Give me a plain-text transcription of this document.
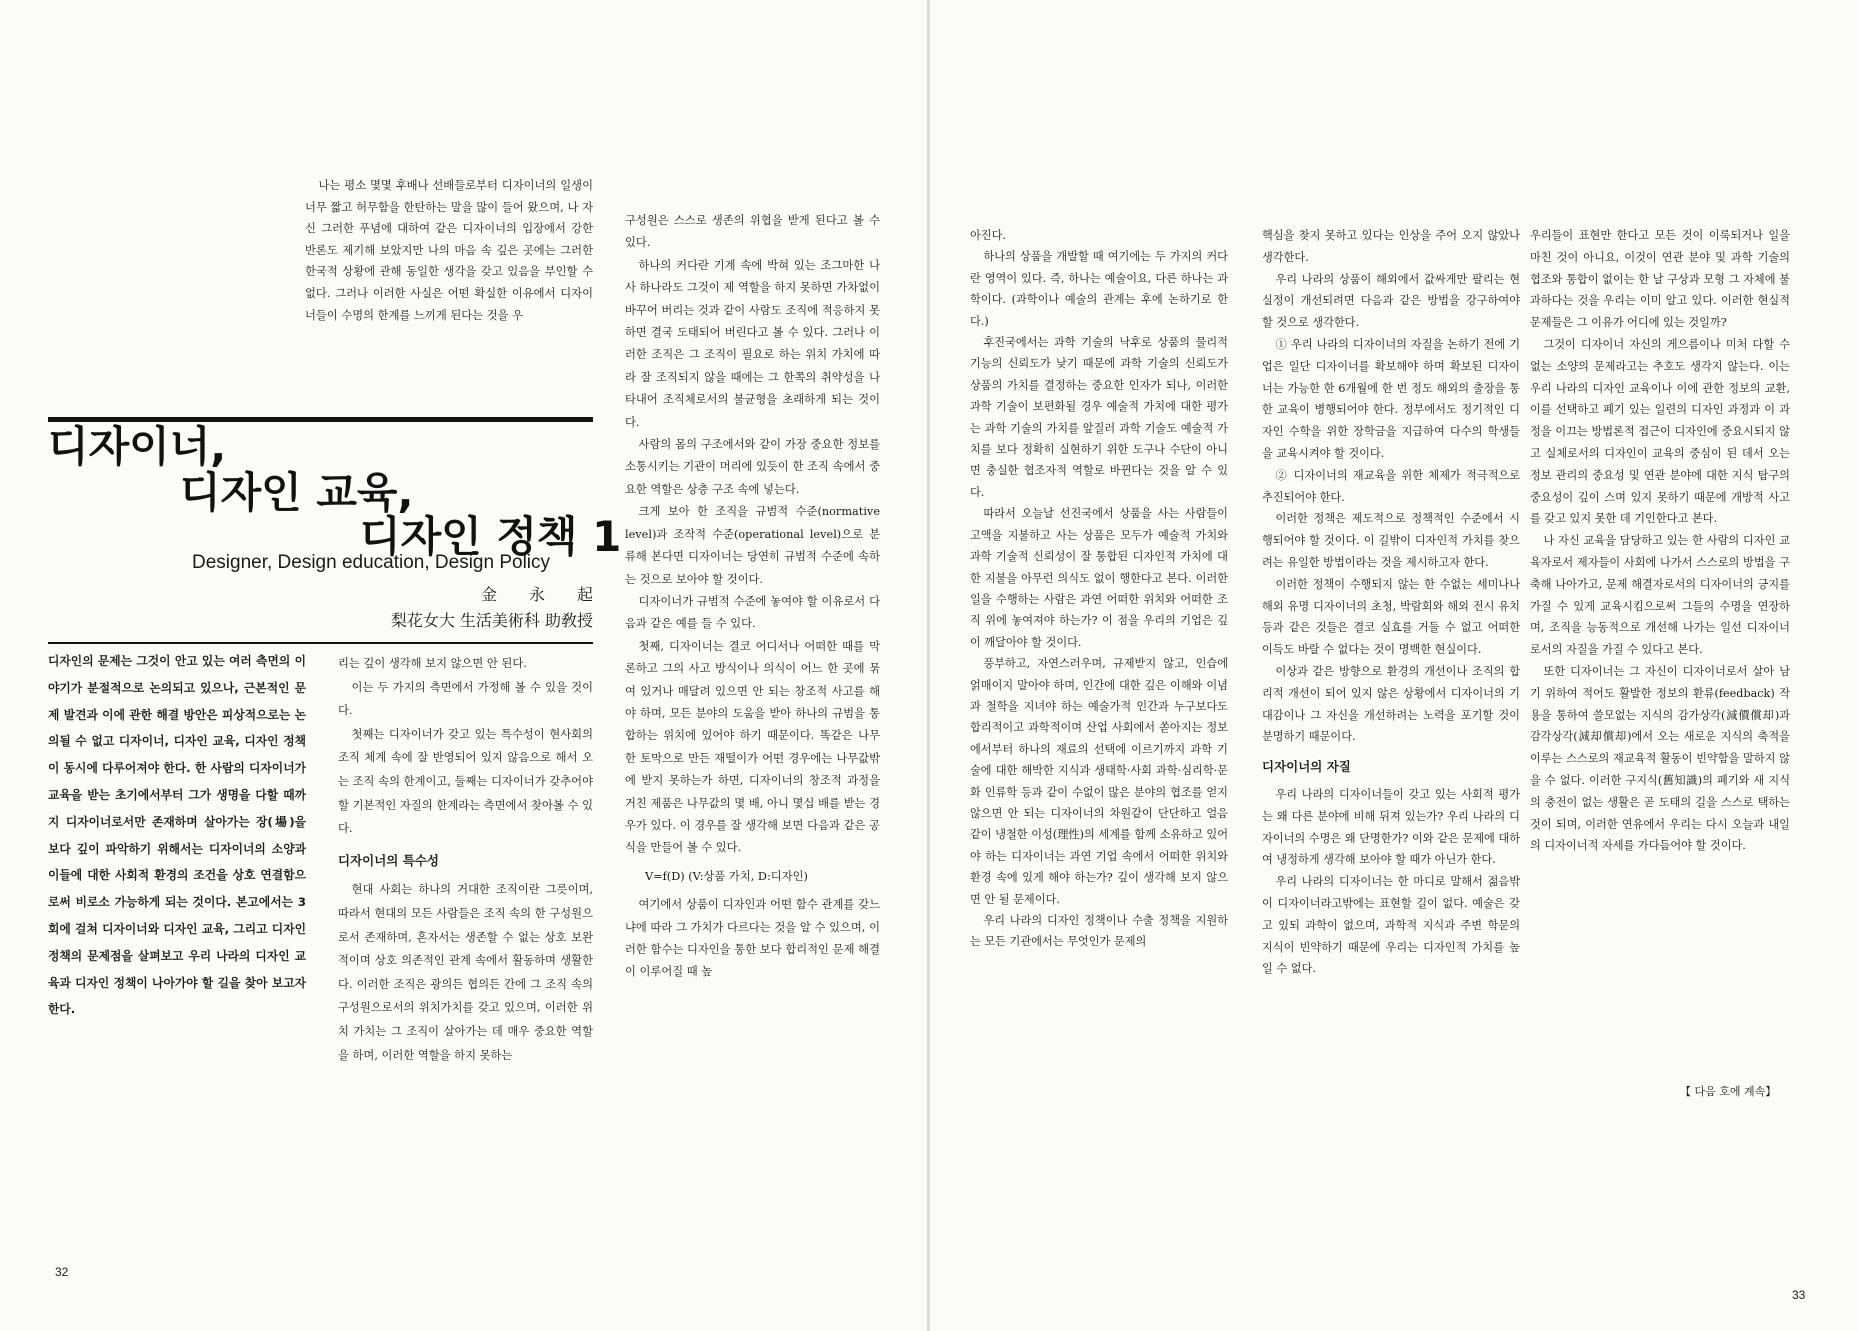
나는 평소 몇몇 후배나 선배들로부터 디자이너의 일생이 너무 짧고 허무함을 한탄하는 말을 많이 들어 왔으며, 나 자신 그러한 푸념에 대하여 같은 디자이너의 입장에서 강한 반론도 제기해 보았지만 나의 마음 속 깊은 곳에는 그러한 한국적 상황에 관해 동일한 생각을 갖고 있음을 부인할 수 없다. 그러나 이러한 사실은 어떤 확실한 이유에서 디자이너들이 수명의 한계를 느끼게 된다는 것을 우

디자이너,
디자인 교육,
디자인 정책 1
Designer, Design education, Design Policy
金　　永　　起
梨花女大 生活美術科 助敎授
디자인의 문제는 그것이 안고 있는 여러 측면의 이야기가 분절적으로 논의되고 있으나, 근본적인 문제 발견과 이에 관한 해결 방안은 피상적으로는 논의될 수 없고 디자이너, 디자인 교육, 디자인 정책이 동시에 다루어져야 한다. 한 사람의 디자이너가 교육을 받는 초기에서부터 그가 생명을 다할 때까지 디자이너로서만 존재하며 살아가는 장(場)을 보다 깊이 파악하기 위해서는 디자이너의 소양과이들에 대한 사회적 환경의 조건을 상호 연결함으로써 비로소 가능하게 되는 것이다. 본고에서는 3회에 걸쳐 디자이너와 디자인 교육, 그리고 디자인 정책의 문제점을 살펴보고 우리 나라의 디자인 교육과 디자인 정책이 나아가야 할 길을 찾아 보고자 한다.

리는 깊이 생각해 보지 않으면 안 된다.

이는 두 가지의 측면에서 가정해 볼 수 있을 것이다.

첫째는 디자이너가 갖고 있는 특수성이 현사회의 조직 체계 속에 잘 반영되어 있지 않음으로 해서 오는 조직 속의 한계이고, 둘째는 디자이너가 갖추어야 할 기본적인 자질의 한계라는 측면에서 찾아볼 수 있다.

디자이너의 특수성

현대 사회는 하나의 거대한 조직이란 그릇이며, 따라서 현대의 모든 사람들은 조직 속의 한 구성원으로서 존재하며, 혼자서는 생존할 수 없는 상호 보완적이며 상호 의존적인 관계 속에서 활동하며 생활한다. 이러한 조직은 광의든 협의든 간에 그 조직 속의 구성원으로서의 위치가치를 갖고 있으며, 이러한 위치 가치는 그 조직이 살아가는 데 매우 중요한 역할을 하며, 이러한 역할을 하지 못하는

구성원은 스스로 생존의 위협을 받게 된다고 볼 수 있다.

하나의 커다란 기계 속에 박혀 있는 조그마한 나사 하나라도 그것이 제 역할을 하지 못하면 가차없이 바꾸어 버리는 것과 같이 사람도 조직에 적응하지 못하면 결국 도태되어 버린다고 볼 수 있다. 그러나 이러한 조직은 그 조직이 필요로 하는 위치 가치에 따라 잘 조직되지 않을 때에는 그 한쪽의 취약성을 나타내어 조직체로서의 불균형을 초래하게 되는 것이다.

사람의 몸의 구조에서와 같이 가장 중요한 정보를 소통시키는 기관이 머리에 있듯이 한 조직 속에서 중요한 역할은 상층 구조 속에 넣는다.

크게 보아 한 조직을 규범적 수준(normative level)과 조작적 수준(operational level)으로 분류해 본다면 디자이너는 당연히 규범적 수준에 속하는 것으로 보아야 할 것이다.

디자이너가 규범적 수준에 놓여야 할 이유로서 다음과 같은 예를 들 수 있다.

첫째, 디자이너는 결코 어디서나 어떠한 때를 막론하고 그의 사고 방식이나 의식이 어느 한 곳에 묶여 있거나 매달려 있으면 안 되는 창조적 사고를 해야 하며, 모든 분야의 도움을 받아 하나의 규범을 통합하는 위치에 있어야 하기 때문이다. 똑같은 나무 한 토막으로 만든 재떨이가 어떤 경우에는 나무값밖에 받지 못하는가 하면, 디자이너의 창조적 과정을 거친 제품은 나무값의 몇 배, 아니 몇십 배를 받는 경우가 있다. 이 경우를 잘 생각해 보면 다음과 같은 공식을 만들어 볼 수 있다.

V=f(D) (V:상품 가치, D:디자인)

여기에서 상품이 디자인과 어떤 함수 관계를 갖느냐에 따라 그 가치가 다르다는 것을 알 수 있으며, 이러한 함수는 디자인을 통한 보다 합리적인 문제 해결이 이루어질 때 높

32

아진다.

하나의 상품을 개발할 때 여기에는 두 가지의 커다란 영역이 있다. 즉, 하나는 예술이요, 다른 하나는 과학이다. (과학이나 예술의 관계는 후에 논하기로 한다.)

후진국에서는 과학 기술의 낙후로 상품의 물리적 기능의 신뢰도가 낮기 때문에 과학 기술의 신뢰도가 상품의 가치를 결정하는 중요한 인자가 되나, 이러한 과학 기술이 보편화될 경우 예술적 가치에 대한 평가는 과학 기술의 가치를 앞질러 과학 기술도 예술적 가치를 보다 정확히 실현하기 위한 도구나 수단이 아니면 충실한 협조자적 역할로 바뀐다는 것을 알 수 있다.

따라서 오늘날 선진국에서 상품을 사는 사람들이 고액을 지불하고 사는 상품은 모두가 예술적 가치와 과학 기술적 신뢰성이 잘 통합된 디자인적 가치에 대한 지불을 아무런 의식도 없이 행한다고 본다. 이러한 일을 수행하는 사람은 과연 어떠한 위치와 어떠한 조직 위에 놓여져야 하는가? 이 점을 우리의 기업은 깊이 깨달아야 할 것이다.

풍부하고, 자연스러우며, 규제받지 않고, 인습에 얽매이지 말아야 하며, 인간에 대한 깊은 이해와 이념과 철학을 지녀야 하는 예술가적 인간과 누구보다도 합리적이고 과학적이며 산업 사회에서 쏟아지는 정보에서부터 하나의 재료의 선택에 이르기까지 과학 기술에 대한 해박한 지식과 생태학·사회 과학·심리학·문화 인류학 등과 같이 수없이 많은 분야의 협조를 얻지 않으면 안 되는 디자이너의 차원같이 단단하고 얼음같이 냉철한 이성(理性)의 세계를 함께 소유하고 있어야 하는 디자이너는 과연 기업 속에서 어떠한 위치와 환경 속에 있게 해야 하는가? 깊이 생각해 보지 않으면 안 될 문제이다.

우리 나라의 디자인 정책이나 수출 정책을 지원하는 모든 기관에서는 무엇인가 문제의

핵심을 찾지 못하고 있다는 인상을 주어 오지 않았나 생각한다.

우리 나라의 상품이 해외에서 값싸게만 팔리는 현실정이 개선되려면 다음과 같은 방법을 강구하여야 할 것으로 생각한다.

① 우리 나라의 디자이너의 자질을 논하기 전에 기업은 일단 디자이너를 확보해야 하며 확보된 디자이너는 가능한 한 6개월에 한 번 정도 해외의 출장을 통한 교육이 병행되어야 한다. 정부에서도 정기적인 디자인 수학을 위한 장학금을 지급하여 다수의 학생들을 교육시켜야 할 것이다.

② 디자이너의 재교육을 위한 체제가 적극적으로 추진되어야 한다.

이러한 정책은 제도적으로 정책적인 수준에서 시행되어야 할 것이다. 이 길밖이 디자인적 가치를 찾으려는 유일한 방법이라는 것을 제시하고자 한다.

이러한 정책이 수행되지 않는 한 수없는 세미나나 해외 유명 디자이너의 초청, 박람회와 해외 전시 유치 등과 같은 것들은 결코 실효를 거둘 수 없고 어떠한 이득도 바랄 수 없다는 것이 명백한 현실이다.

이상과 같은 방향으로 환경의 개선이나 조직의 합리적 개선이 되어 있지 않은 상황에서 디자이너의 기대감이나 그 자신을 개선하려는 노력을 포기할 것이 분명하기 때문이다.

디자이너의 자질

우리 나라의 디자이너들이 갖고 있는 사회적 평가는 왜 다른 분야에 비해 뒤져 있는가? 우리 나라의 디자이너의 수명은 왜 단명한가? 이와 같은 문제에 대하여 냉정하게 생각해 보아야 할 때가 아닌가 한다.

우리 나라의 디자이너는 한 마디로 말해서 젊음밖이 디자이너라고밖에는 표현할 길이 없다. 예술은 갖고 있되 과학이 없으며, 과학적 지식과 주변 학문의 지식이 빈약하기 때문에 우리는 디자인적 가치를 높일 수 없다.

우리들이 표현만 한다고 모든 것이 이룩되거나 일을 마친 것이 아니요, 이것이 연관 분야 및 과학 기술의 협조와 통합이 없이는 한 날 구상과 모형 그 자체에 불과하다는 것을 우리는 이미 알고 있다. 이러한 현실적 문제들은 그 이유가 어디에 있는 것일까?

그것이 디자이너 자신의 게으름이나 미처 다할 수 없는 소양의 문제라고는 추호도 생각지 않는다. 이는 우리 나라의 디자인 교육이나 이에 관한 정보의 교환, 이를 선택하고 폐기 있는 일련의 디자인 과정과 이 과정을 이끄는 방법론적 접근이 디자인에 중요시되지 않고 실체로서의 디자인이 교육의 중심이 된 데서 오는 정보 관리의 중요성 및 연관 분야에 대한 지식 탐구의 중요성이 깊이 스며 있지 못하기 때문에 개방적 사고를 갖고 있지 못한 데 기인한다고 본다.

나 자신 교육을 담당하고 있는 한 사람의 디자인 교육자로서 제자들이 사회에 나가서 스스로의 방법을 구축해 나아가고, 문제 해결자로서의 디자이너의 긍지를 가질 수 있게 교육시킴으로써 그들의 수명을 연장하며, 조직을 능동적으로 개선해 나가는 일선 디자이너로서의 자질을 가질 수 있다고 본다.

또한 디자이너는 그 자신이 디자이너로서 살아 남기 위하여 적어도 활발한 정보의 환류(feedback) 작용을 통하여 쓸모없는 지식의 감가상각(減價償却)과 감각상각(減却償却)에서 오는 새로운 지식의 축적을 이루는 스스로의 재교육적 활동이 빈약함을 말하지 않을 수 없다. 이러한 구지식(舊知識)의 폐기와 새 지식의 충전이 없는 생활은 곧 도태의 길을 스스로 택하는 것이 되며, 이러한 연유에서 우리는 다시 오늘과 내일의 디자이너적 자세를 가다듬어야 할 것이다.

【 다음 호에 계속】
33
